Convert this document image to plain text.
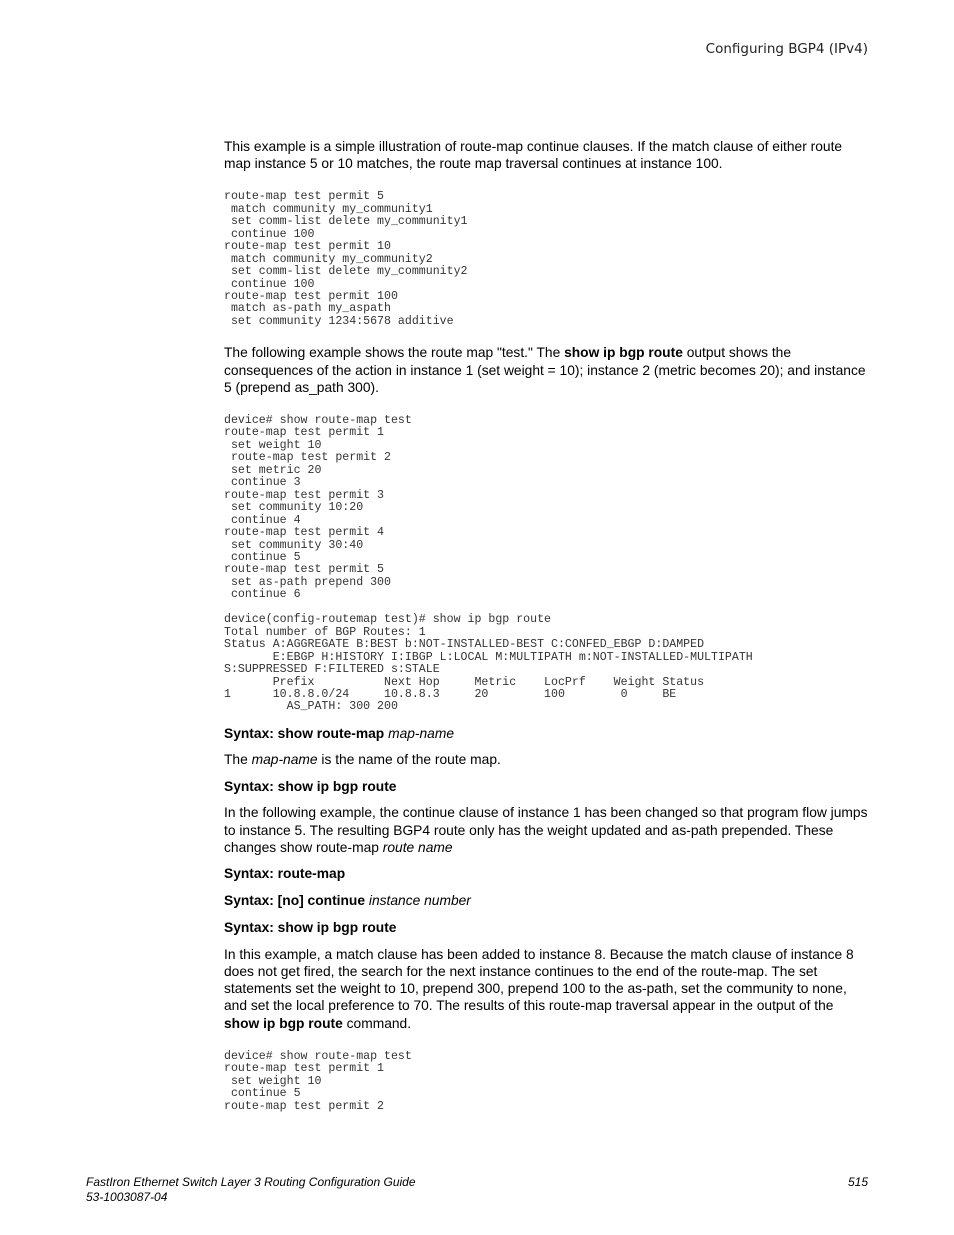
Configuring BGP4 (IPv4)

This example is a simple illustration of route-map continue clauses. If the match clause of either route map instance 5 or 10 matches, the route map traversal continues at instance 100.

route-map test permit 5
match community my_community1
set comm-list delete my_community1
continue 100
route-map test permit 10
match community my_community2
set comm-list delete my_community2
continue 100
route-map test permit 100
match as-path my_aspath
set community 1234:5678 additive

The following example shows the route map "test." The show ip bgp route output shows the consequences of the action in instance 1 (set weight = 10); instance 2 (metric becomes 20); and instance 5 (prepend as_path 300).

device# show route-map test
route-map test permit 1
set weight 10
route-map test permit 2
set metric 20
continue 3
route-map test permit 3
set community 10:20
continue 4
route-map test permit 4
set community 30:40
continue 5
route-map test permit 5
set as-path prepend 300
continue 6

device(config-routemap test)# show ip bgp route
Total number of BGP Routes: 1
Status A:AGGREGATE B:BEST b:NOT-INSTALLED-BEST C:CONFED_EBGP D:DAMPED
E:EBGP H:HISTORY I:IBGP L:LOCAL M:MULTIPATH m:NOT-INSTALLED-MULTIPATH
S:SUPPRESSED F:FILTERED s:STALE
Prefix          Next Hop     Metric    LocPrf    Weight Status
1      10.8.8.0/24     10.8.8.3     20        100        0     BE
AS_PATH: 300 200

Syntax: show route-map map-name

The map-name is the name of the route map.

Syntax: show ip bgp route

In the following example, the continue clause of instance 1 has been changed so that program flow jumps to instance 5. The resulting BGP4 route only has the weight updated and as-path prepended. These changes show route-map route name

Syntax: route-map

Syntax: [no] continue instance number

Syntax: show ip bgp route

In this example, a match clause has been added to instance 8. Because the match clause of instance 8 does not get fired, the search for the next instance continues to the end of the route-map. The set statements set the weight to 10, prepend 300, prepend 100 to the as-path, set the community to none, and set the local preference to 70. The results of this route-map traversal appear in the output of the show ip bgp route command.

device# show route-map test
route-map test permit 1
set weight 10
continue 5
route-map test permit 2
FastIron Ethernet Switch Layer 3 Routing Configuration Guide
53-1003087-04
515
